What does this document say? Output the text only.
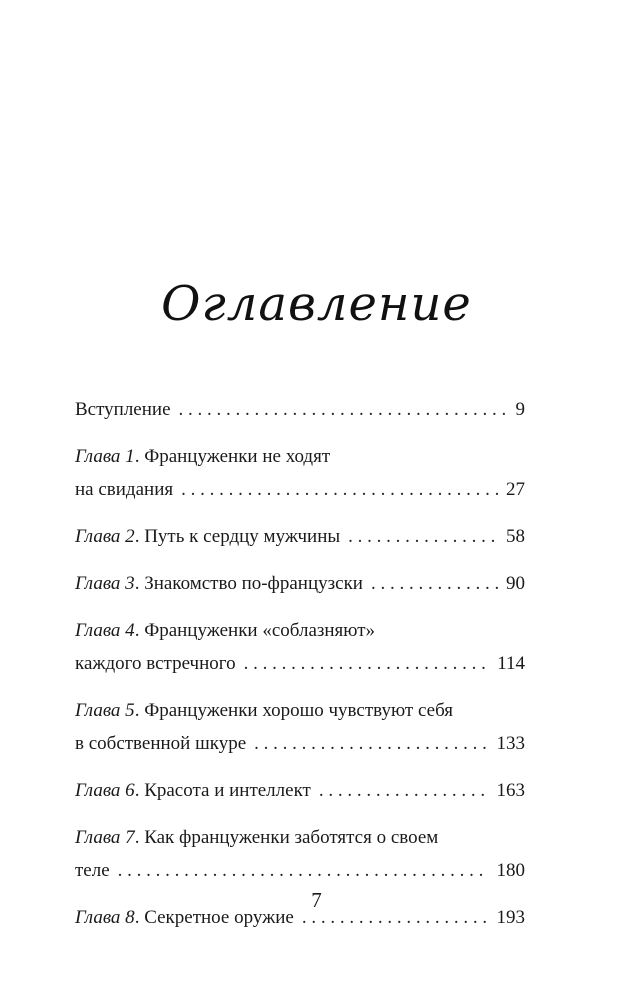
Оглавление
Вступление . . .	9
Глава 1. Француженки не ходят
на свидания . . .	27
Глава 2. Путь к сердцу мужчины . . .	58
Глава 3. Знакомство по-французски . . .	90
Глава 4. Француженки «соблазняют»
каждого встречного . . .	114
Глава 5. Француженки хорошо чувствуют себя
в собственной шкуре . . .	133
Глава 6. Красота и интеллект . . .	163
Глава 7. Как француженки заботятся о своем
теле . . .	180
Глава 8. Секретное оружие . . .	193
7
